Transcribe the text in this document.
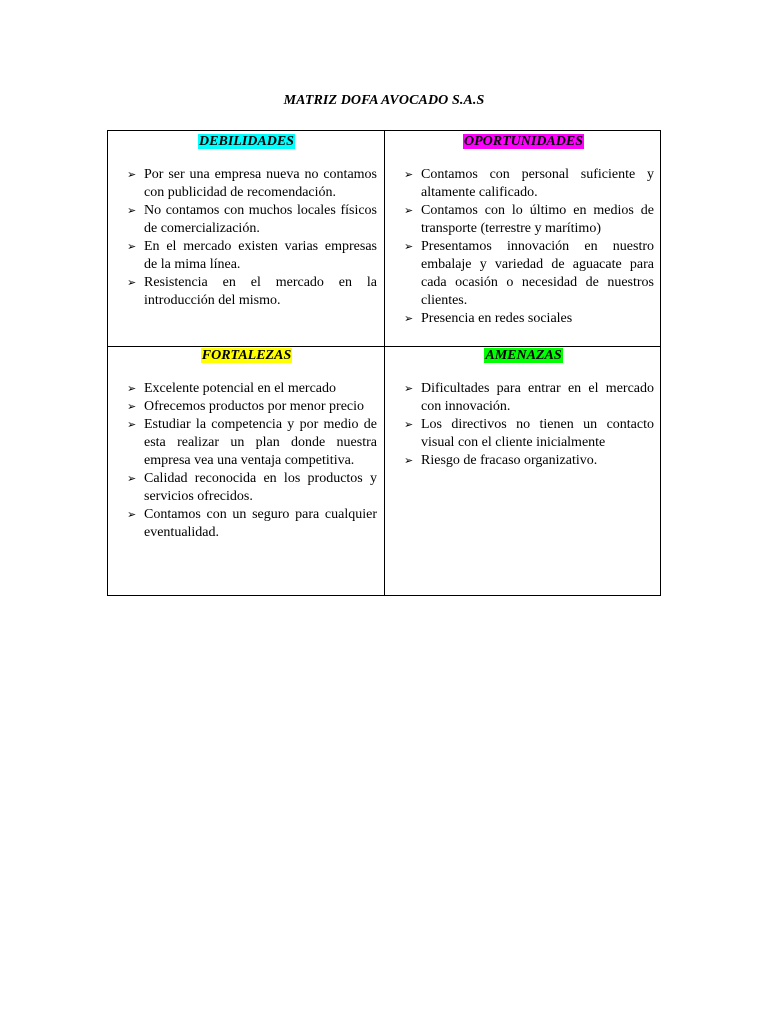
MATRIZ DOFA AVOCADO S.A.S
DEBILIDADES
➢ Por ser una empresa nueva no contamos con publicidad de recomendación.
➢ No contamos con muchos locales físicos de comercialización.
➢ En el mercado existen varias empresas de la mima línea.
➢ Resistencia en el mercado en la introducción del mismo.
OPORTUNIDADES
➢ Contamos con personal suficiente y altamente calificado.
➢ Contamos con lo último en medios de transporte (terrestre y marítimo)
➢ Presentamos innovación en nuestro embalaje y variedad de aguacate para cada ocasión o necesidad de nuestros clientes.
➢ Presencia en redes sociales
FORTALEZAS
➢ Excelente potencial en el mercado
➢ Ofrecemos productos por menor precio
➢ Estudiar la competencia y por medio de esta realizar un plan donde nuestra empresa vea una ventaja competitiva.
➢ Calidad reconocida en los productos y servicios ofrecidos.
➢ Contamos con un seguro para cualquier eventualidad.
AMENAZAS
➢ Dificultades para entrar en el mercado con innovación.
➢ Los directivos no tienen un contacto visual con el cliente inicialmente
➢ Riesgo de fracaso organizativo.
